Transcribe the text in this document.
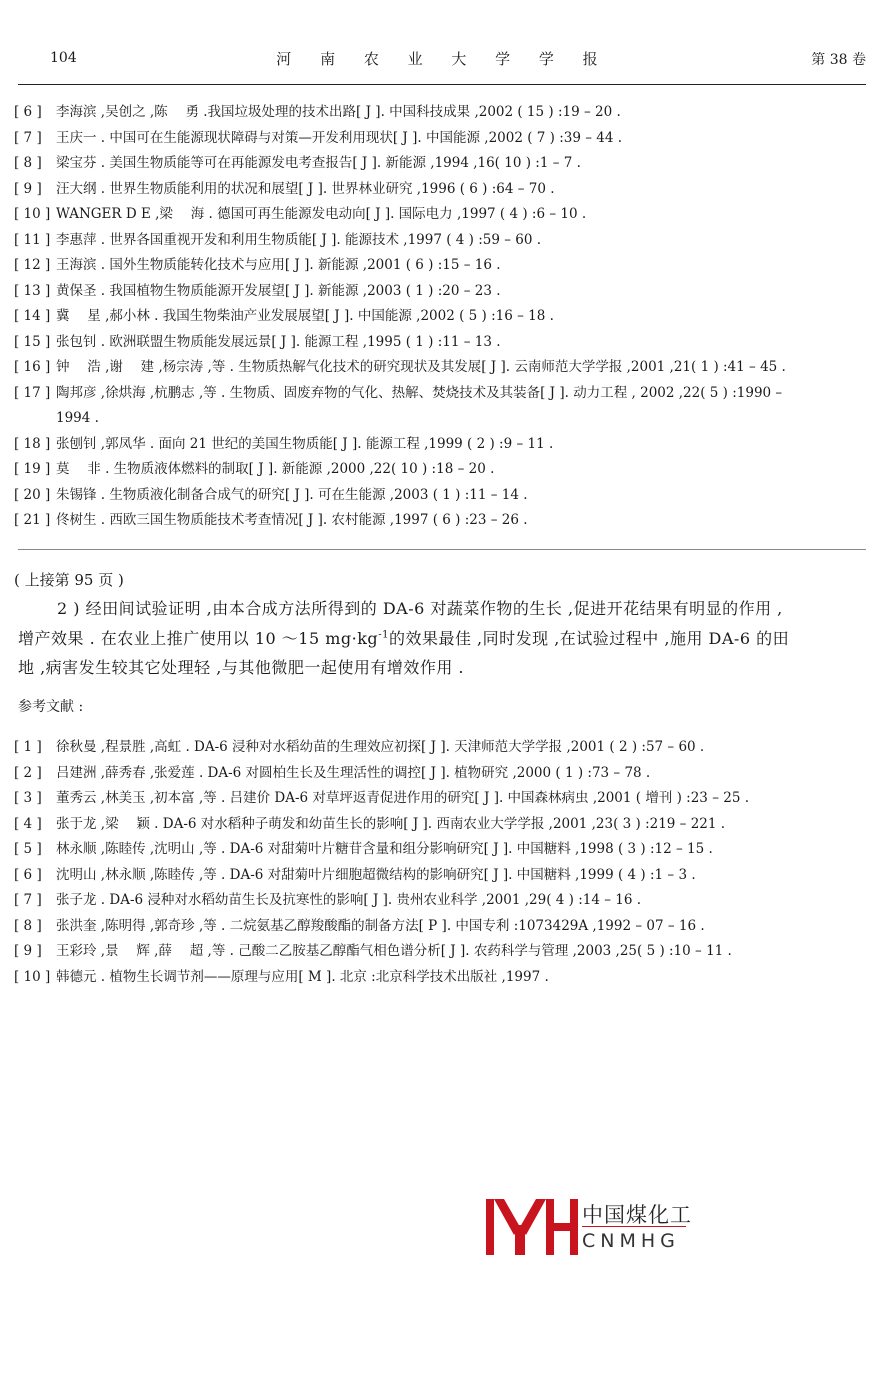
104	河 南 农 业 大 学 学 报	第 38 卷
[ 6 ] 李海滨 ,吴创之 ,陈　 勇 .我国垃圾处理的技术出路[ J ]. 中国科技成果 ,2002 ( 15 ) :19 – 20 .
[ 7 ] 王庆一 . 中国可在生能源现状障碍与对策—开发利用现状[ J ]. 中国能源 ,2002 ( 7 ) :39 – 44 .
[ 8 ] 梁宝芬 . 美国生物质能等可在再能源发电考查报告[ J ]. 新能源 ,1994 ,16( 10 ) :1 – 7 .
[ 9 ] 汪大纲 . 世界生物质能利用的状况和展望[ J ]. 世界林业研究 ,1996 ( 6 ) :64 – 70 .
[ 10 ] WANGER D E ,梁　 海 . 德国可再生能源发电动向[ J ]. 国际电力 ,1997 ( 4 ) :6 – 10 .
[ 11 ] 李惠萍 . 世界各国重视开发和利用生物质能[ J ]. 能源技术 ,1997 ( 4 ) :59 – 60 .
[ 12 ] 王海滨 . 国外生物质能转化技术与应用[ J ]. 新能源 ,2001 ( 6 ) :15 – 16 .
[ 13 ] 黄保圣 . 我国植物生物质能源开发展望[ J ]. 新能源 ,2003 ( 1 ) :20 – 23 .
[ 14 ] 冀　 星 ,郝小林 . 我国生物柴油产业发展展望[ J ]. 中国能源 ,2002 ( 5 ) :16 – 18 .
[ 15 ] 张包钊 . 欧洲联盟生物质能发展远景[ J ]. 能源工程 ,1995 ( 1 ) :11 – 13 .
[ 16 ] 钟　 浩 ,谢　 建 ,杨宗涛 ,等 . 生物质热解气化技术的研究现状及其发展[ J ]. 云南师范大学学报 ,2001 ,21( 1 ) :41 – 45 .
[ 17 ] 陶邦彦 ,徐烘海 ,杭鹏志 ,等 . 生物质、固废弃物的气化、热解、焚烧技术及其装备[ J ]. 动力工程 , 2002 ,22( 5 ) :1990 –
1994 .
[ 18 ] 张刨钊 ,郭凤华 . 面向 21 世纪的美国生物质能[ J ]. 能源工程 ,1999 ( 2 ) :9 – 11 .
[ 19 ] 莫　 非 . 生物质液体燃料的制取[ J ]. 新能源 ,2000 ,22( 10 ) :18 – 20 .
[ 20 ] 朱锡锋 . 生物质液化制备合成气的研究[ J ]. 可在生能源 ,2003 ( 1 ) :11 – 14 .
[ 21 ] 佟树生 . 西欧三国生物质能技术考查情况[ J ]. 农村能源 ,1997 ( 6 ) :23 – 26 .
( 上接第 95 页 )
2 ) 经田间试验证明 ,由本合成方法所得到的 DA-6 对蔬菜作物的生长 ,促进开花结果有明显的作用 ,
增产效果 . 在农业上推广使用以 10 ～15 $mg\cdot kg^{-1}$的效果最佳 ,同时发现 ,在试验过程中 ,施用 DA-6 的田
地 ,病害发生较其它处理轻 ,与其他微肥一起使用有增效作用 .
参考文献 :
[ 1 ] 徐秋曼 ,程景胜 ,高虹 . DA-6 浸种对水稻幼苗的生理效应初探[ J ]. 天津师范大学学报 ,2001 ( 2 ) :57 – 60 .
[ 2 ] 吕建洲 ,薛秀春 ,张爱莲 . DA-6 对圆柏生长及生理活性的调控[ J ]. 植物研究 ,2000 ( 1 ) :73 – 78 .
[ 3 ] 董秀云 ,林美玉 ,初本富 ,等 . 吕建价 DA-6 对草坪返青促进作用的研究[ J ]. 中国森林病虫 ,2001 ( 增刊 ) :23 – 25 .
[ 4 ] 张于龙 ,梁　 颖 . DA-6 对水稻种子萌发和幼苗生长的影响[ J ]. 西南农业大学学报 ,2001 ,23( 3 ) :219 – 221 .
[ 5 ] 林永顺 ,陈睦传 ,沈明山 ,等 . DA-6 对甜菊叶片糖苷含量和组分影响研究[ J ]. 中国糖料 ,1998 ( 3 ) :12 – 15 .
[ 6 ] 沈明山 ,林永顺 ,陈睦传 ,等 . DA-6 对甜菊叶片细胞超微结构的影响研究[ J ]. 中国糖料 ,1999 ( 4 ) :1 – 3 .
[ 7 ] 张子龙 . DA-6 浸种对水稻幼苗生长及抗寒性的影响[ J ]. 贵州农业科学 ,2001 ,29( 4 ) :14 – 16 .
[ 8 ] 张洪奎 ,陈明得 ,郭奇珍 ,等 . 二烷氨基乙醇羧酸酯的制备方法[ P ]. 中国专利 :1073429A ,1992 – 07 – 16 .
[ 9 ] 王彩玲 ,景　 辉 ,薛　 超 ,等 . 己酸二乙胺基乙醇酯气相色谱分析[ J ]. 农药科学与管理 ,2003 ,25( 5 ) :10 – 11 .
[ 10 ] 韩德元 . 植物生长调节剂——原理与应用[ M ]. 北京 :北京科学技术出版社 ,1997 .
中国煤化工
CNMHG
